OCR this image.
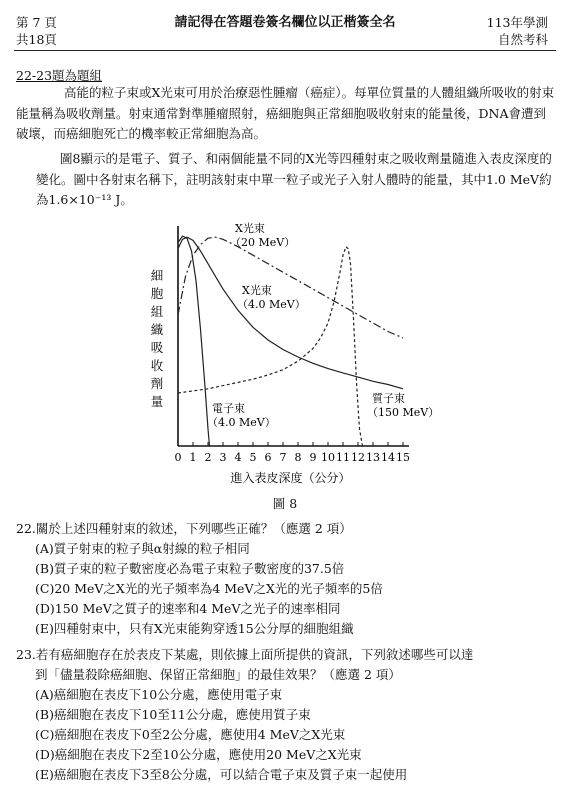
第 7 頁
共18頁
請記得在答題卷簽名欄位以正楷簽全名	113年學測
自然考科
22-23題為題組
高能的粒子束或X光束可用於治療惡性腫瘤（癌症）。每單位質量的人體組織所吸收的射束能量稱為吸收劑量。射束通常對準腫瘤照射，癌細胞與正常細胞吸收射束的能量後，DNA會遭到破壞，而癌細胞死亡的機率較正常細胞為高。
圖8顯示的是電子、質子、和兩個能量不同的X光等四種射束之吸收劑量隨進入表皮深度的變化。圖中各射束名稱下，註明該射束中單一粒子或光子入射人體時的能量，其中1.0 MeV約為1.6×10⁻¹³ J。
0 1 2 3 4 5 6 7 8 9 10 11 12 13 14 15
細
胞
組
織
吸
收
劑
量
進入表皮深度（公分）
X光束
（20 MeV）
X光束
（4.0 MeV）
電子束
（4.0 MeV）
質子束
（150 MeV）
圖 8
22.關於上述四種射束的敘述，下列哪些正確？（應選 2 項）
(A)質子射束的粒子與α射線的粒子相同
(B)質子束的粒子數密度必為電子束粒子數密度的37.5倍
(C)20 MeV之X光的光子頻率為4 MeV之X光的光子頻率的5倍
(D)150 MeV之質子的速率和4 MeV之光子的速率相同
(E)四種射束中，只有X光束能夠穿透15公分厚的細胞組織
23.若有癌細胞存在於表皮下某處，則依據上面所提供的資訊，下列敘述哪些可以達
到「儘量殺除癌細胞、保留正常細胞」的最佳效果？（應選 2 項）
(A)癌細胞在表皮下10公分處，應使用電子束
(B)癌細胞在表皮下10至11公分處，應使用質子束
(C)癌細胞在表皮下0至2公分處，應使用4 MeV之X光束
(D)癌細胞在表皮下2至10公分處，應使用20 MeV之X光束
(E)癌細胞在表皮下3至8公分處，可以結合電子束及質子束一起使用
